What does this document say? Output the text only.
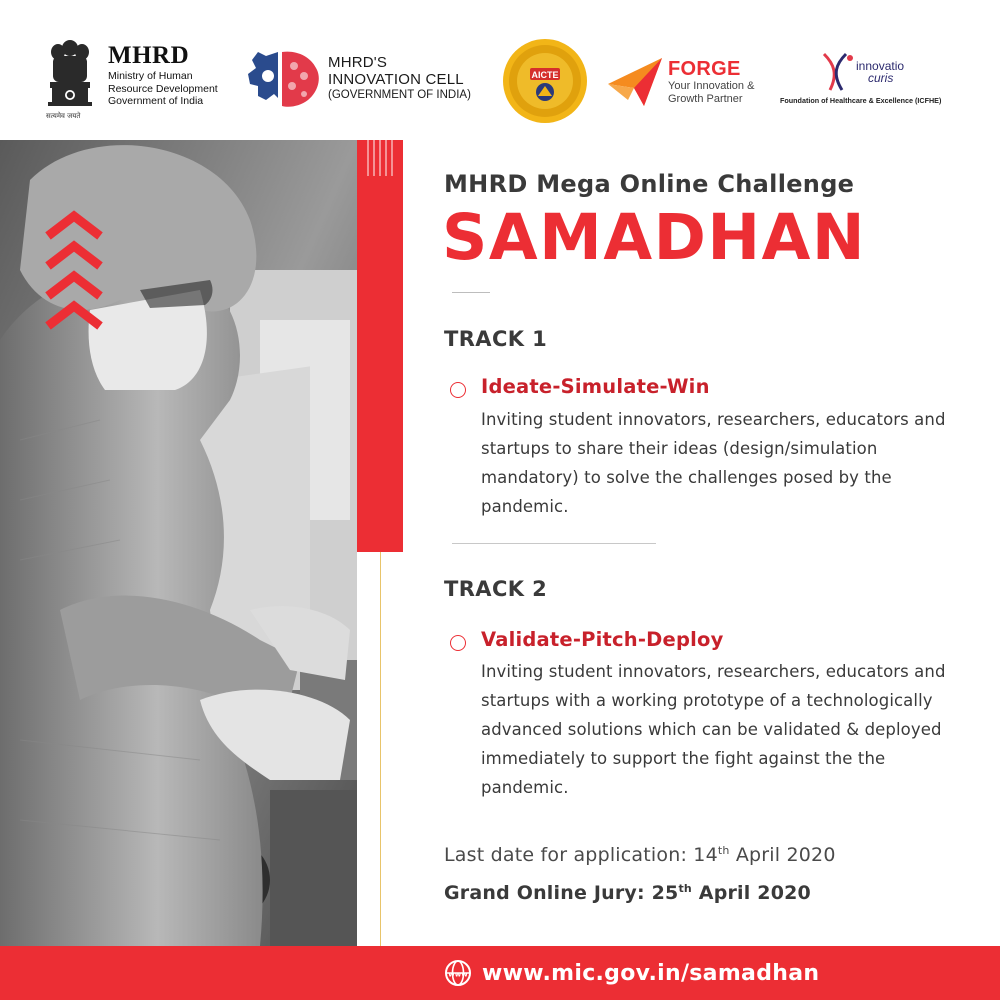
MHRD
Ministry of Human
Resource Development
Government of India
सत्यमेव जयते
MHRD'S
INNOVATION CELL
(GOVERNMENT OF INDIA)
AICTE	FORGE
Your Innovation &
Growth Partner
innovatio
curis
Foundation of Healthcare & Excellence (ICFHE)
MHRD Mega Online Challenge
SAMADHAN
TRACK 1
Ideate-Simulate-Win
Inviting student innovators, researchers, educators and startups to share their ideas (design/simulation mandatory) to solve the challenges posed by the pandemic.
TRACK 2
Validate-Pitch-Deploy
Inviting student innovators, researchers, educators and startups with a working prototype of a technologically advanced solutions which can be validated & deployed immediately to support the fight against the the pandemic.
Last date for application: 14th April 2020
Grand Online Jury: 25th April 2020
www www.mic.gov.in/samadhan
